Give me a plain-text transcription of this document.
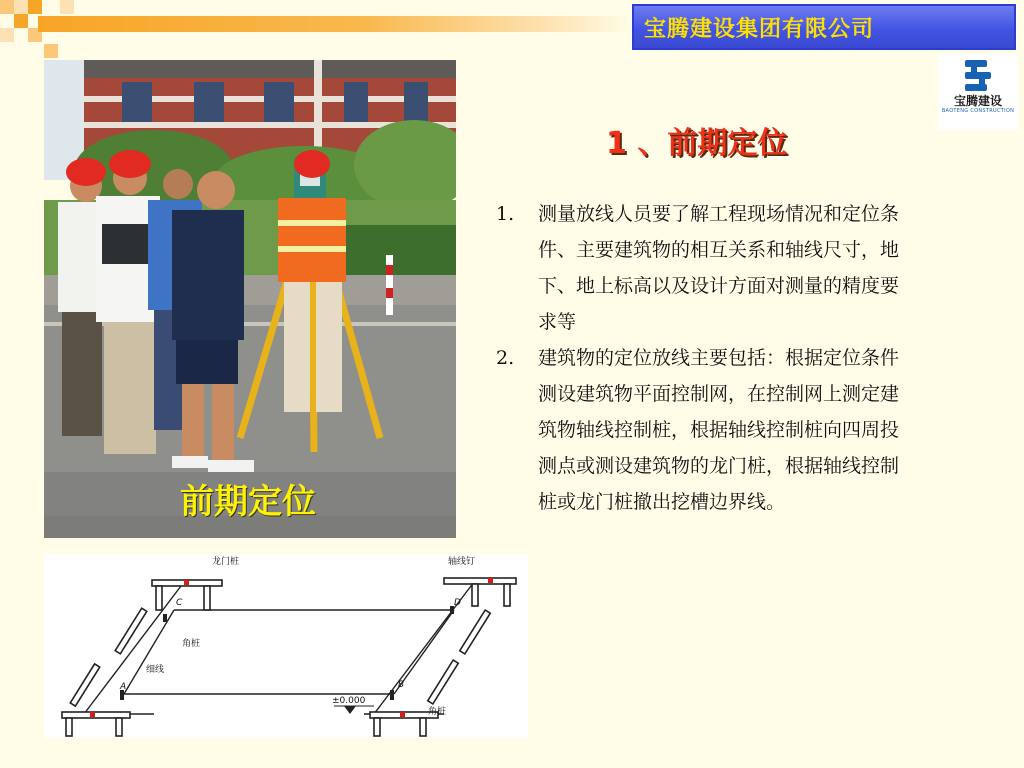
宝腾建设集团有限公司
宝腾建设
BAOTENG CONSTRUCTION
1 、前期定位
1.	测量放线人员要了解工程现场情况和定位条件、主要建筑物的相互关系和轴线尺寸，地下、地上标高以及设计方面对测量的精度要求等
2.	建筑物的定位放线主要包括：根据定位条件测设建筑物平面控制网，在控制网上测定建筑物轴线控制桩，根据轴线控制桩向四周投测点或测设建筑物的龙门桩，根据轴线控制桩或龙门桩撤出挖槽边界线。
前期定位
龙门桩	轴线钉
角桩
细线
±0.000
角桩
A	B
C	D
